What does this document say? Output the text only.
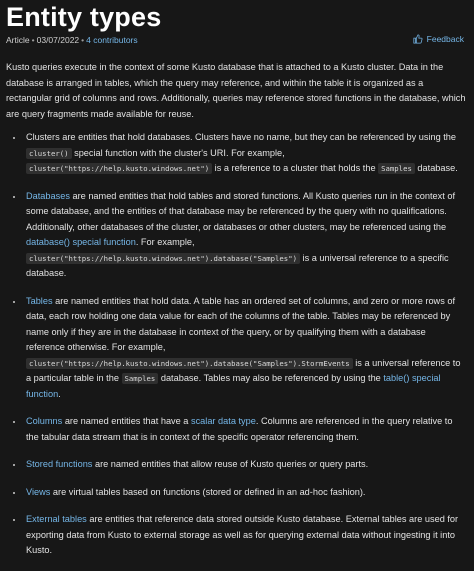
Entity types
Article • 03/07/2022 • 4 contributors	Feedback

Kusto queries execute in the context of some Kusto database that is attached to a Kusto cluster. Data in the database is arranged in tables, which the query may reference, and within the table it is organized as a rectangular grid of columns and rows. Additionally, queries may reference stored functions in the database, which are query fragments made available for reuse.

• Clusters are entities that hold databases. Clusters have no name, but they can be referenced by using the cluster() special function with the cluster's URI. For example, cluster("https://help.kusto.windows.net") is a reference to a cluster that holds the Samples database.
• Databases are named entities that hold tables and stored functions. All Kusto queries run in the context of some database, and the entities of that database may be referenced by the query with no qualifications. Additionally, other databases of the cluster, or databases or other clusters, may be referenced using the database() special function. For example, cluster("https://help.kusto.windows.net").database("Samples") is a universal reference to a specific database.
• Tables are named entities that hold data. A table has an ordered set of columns, and zero or more rows of data, each row holding one data value for each of the columns of the table. Tables may be referenced by name only if they are in the database in context of the query, or by qualifying them with a database reference otherwise. For example, cluster("https://help.kusto.windows.net").database("Samples").StormEvents is a universal reference to a particular table in the Samples database. Tables may also be referenced by using the table() special function.
• Columns are named entities that have a scalar data type. Columns are referenced in the query relative to the tabular data stream that is in context of the specific operator referencing them.
• Stored functions are named entities that allow reuse of Kusto queries or query parts.
• Views are virtual tables based on functions (stored or defined in an ad-hoc fashion).
• External tables are entities that reference data stored outside Kusto database. External tables are used for exporting data from Kusto to external storage as well as for querying external data without ingesting it into Kusto.
